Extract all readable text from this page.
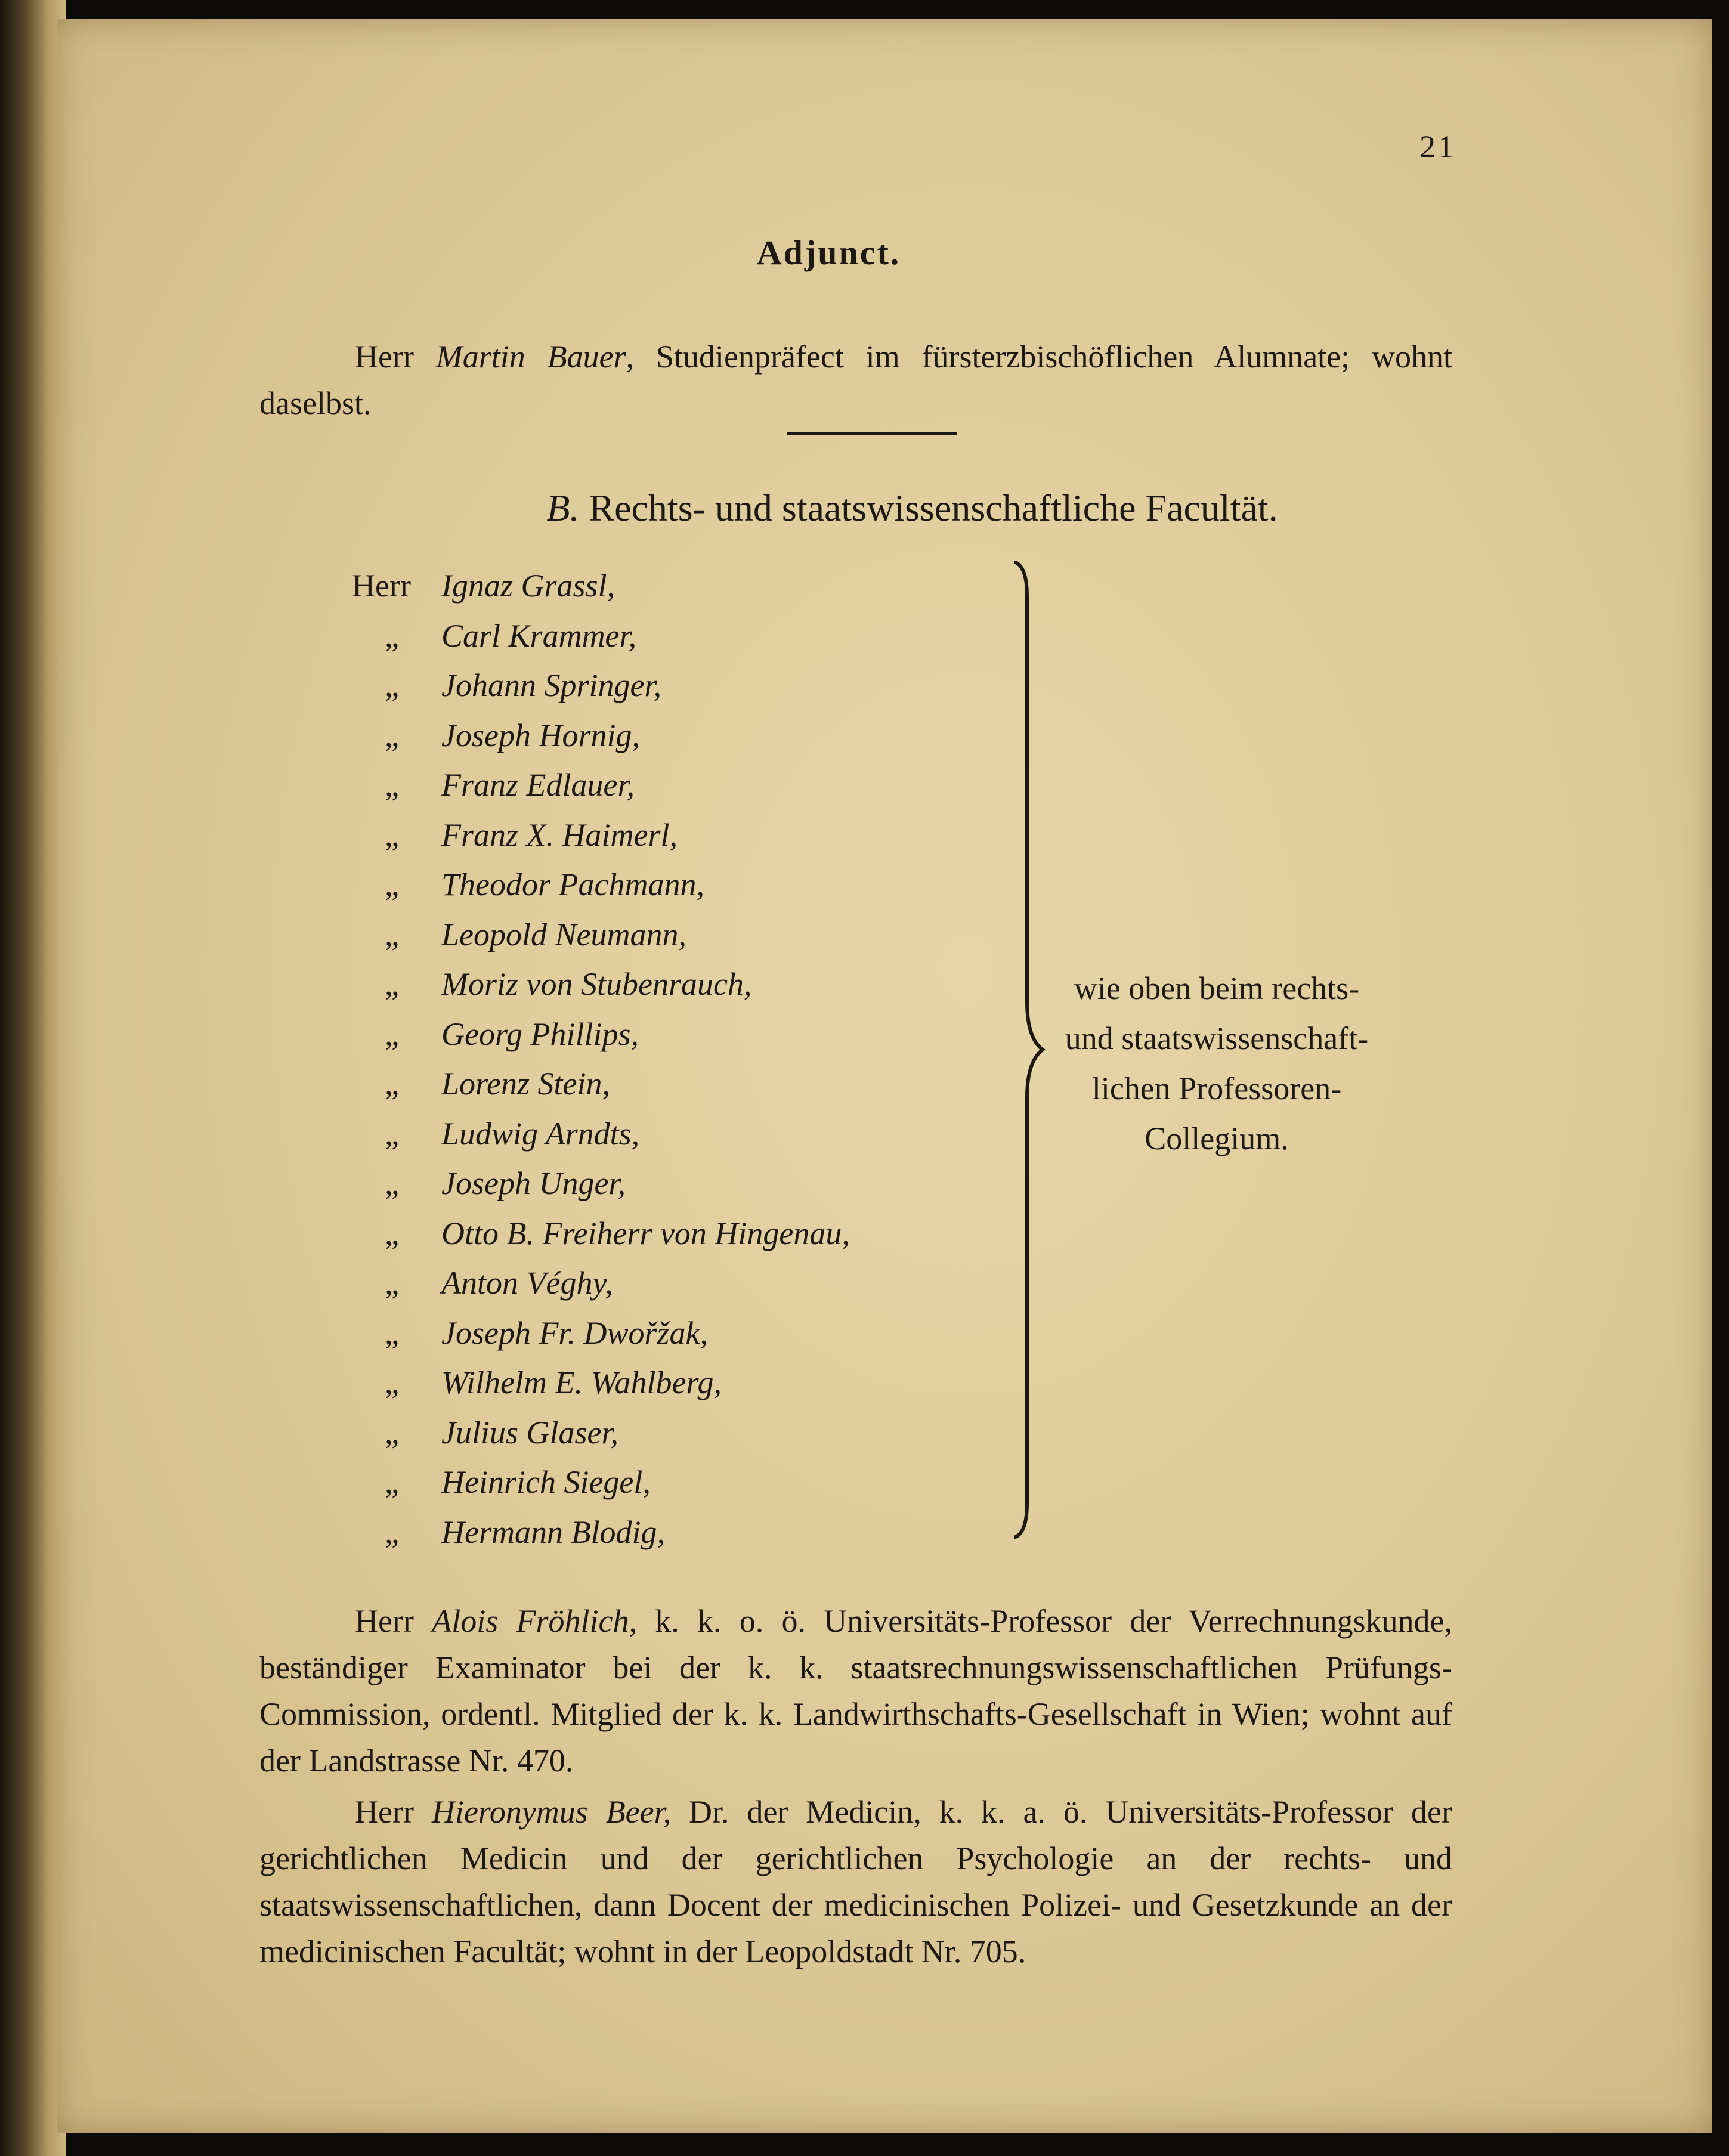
21
Adjunct.

Herr Martin Bauer, Studienpräfect im fürsterzbischöflichen Alumnate; wohnt daselbst.

B. Rechts- und staatswissenschaftliche Facultät.
Herr Ignaz Grassl,
„	Carl Krammer,
„	Johann Springer,
„	Joseph Hornig,
„	Franz Edlauer,
„	Franz X. Haimerl,
„	Theodor Pachmann,
„	Leopold Neumann,
„	Moriz von Stubenrauch,
„	Georg Phillips,
„	Lorenz Stein,
„	Ludwig Arndts,
„	Joseph Unger,
„	Otto B. Freiherr von Hingenau,
„	Anton Véghy,
„	Joseph Fr. Dwořžak,
„	Wilhelm E. Wahlberg,
„	Julius Glaser,
„	Heinrich Siegel,
„	Hermann Blodig,
wie oben beim rechts-
und staatswissenschaft-
lichen Professoren-
Collegium.

Herr Alois Fröhlich, k. k. o. ö. Universitäts-Professor der Verrechnungskunde, beständiger Examinator bei der k. k. staatsrechnungswissenschaftlichen Prüfungs-Commission, ordentl. Mitglied der k. k. Landwirthschafts-Gesellschaft in Wien; wohnt auf der Landstrasse Nr. 470.

Herr Hieronymus Beer, Dr. der Medicin, k. k. a. ö. Universitäts-Professor der gerichtlichen Medicin und der gerichtlichen Psychologie an der rechts- und staatswissenschaftlichen, dann Docent der medicinischen Polizei- und Gesetzkunde an der medicinischen Facultät; wohnt in der Leopoldstadt Nr. 705.
